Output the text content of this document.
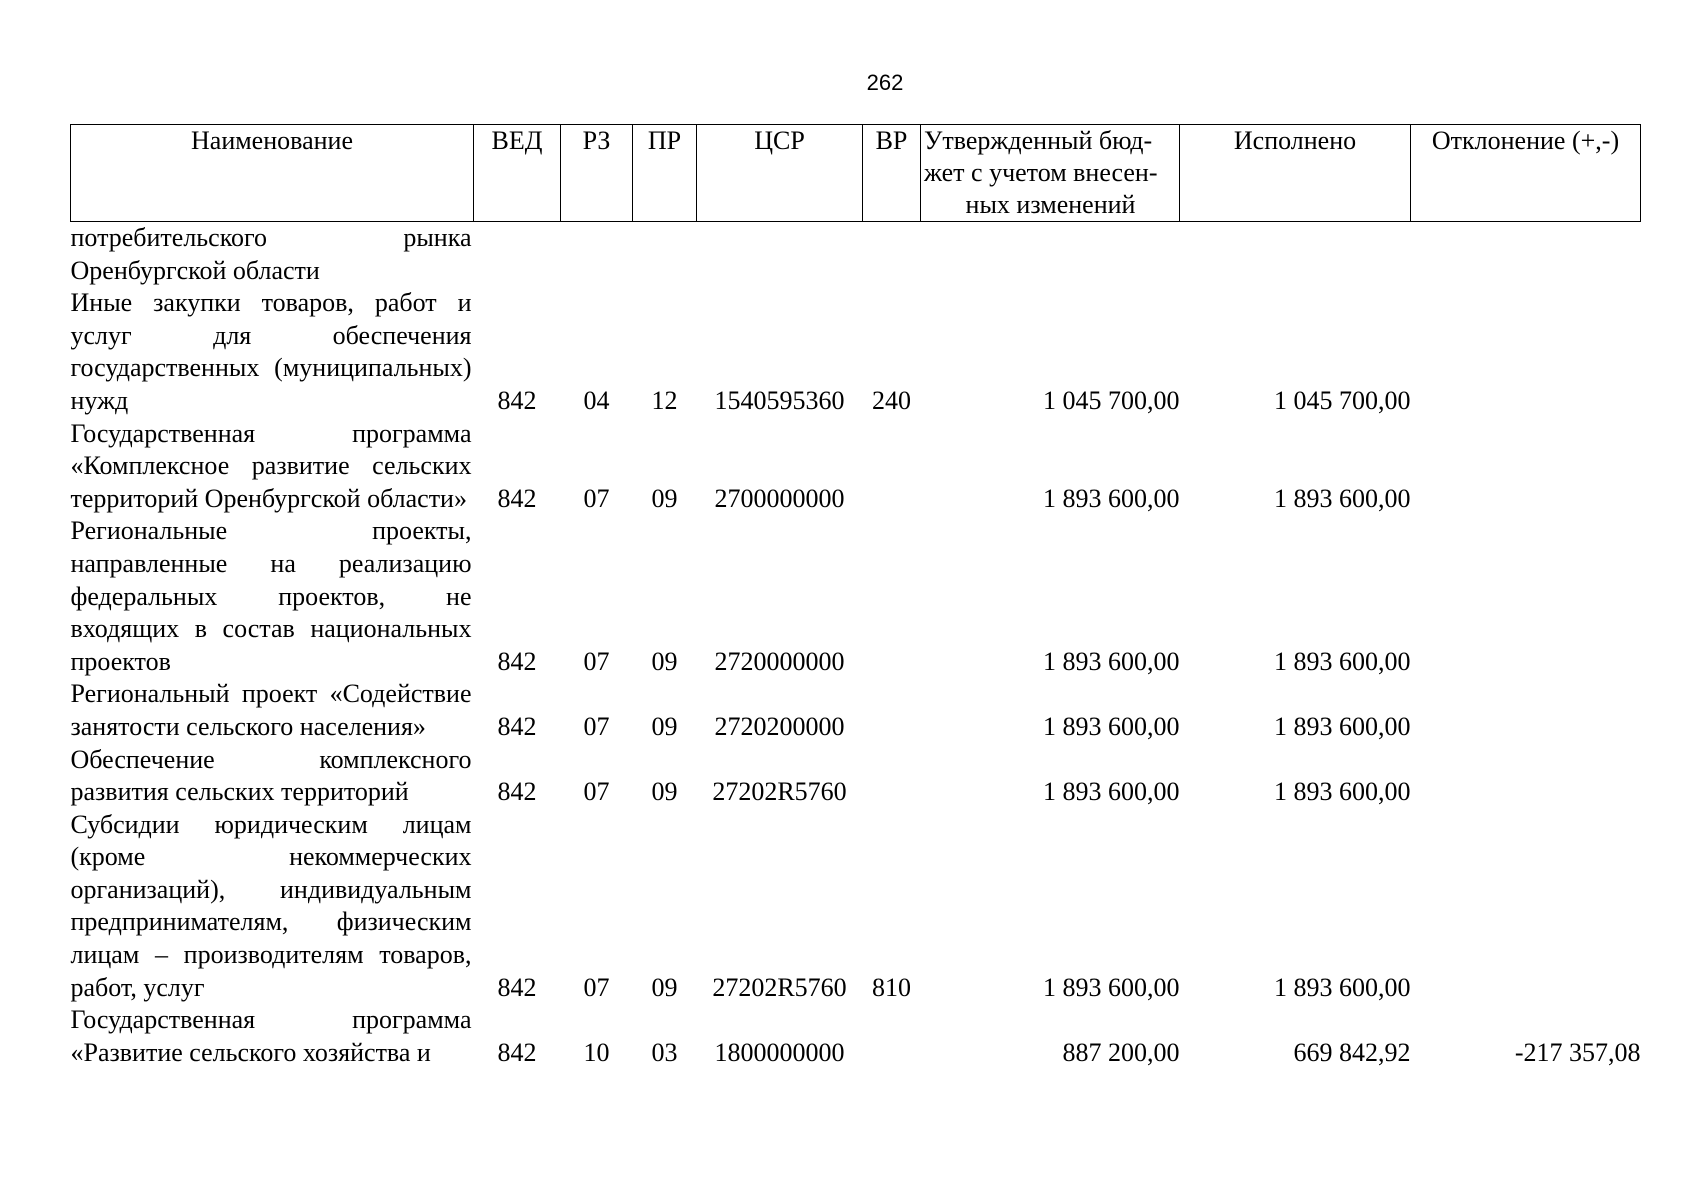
262
Наименование	ВЕД	РЗ	ПР	ЦСР	ВР	Утвержденный бюд-
жет с учетом внесен-
ных изменений	Исполнено	Отклонение (+,-)
потребительского рынка Оренбургской области								
Иные закупки товаров, работ и услуг для обеспечения государственных (муниципальных) нужд	842	04	12	1540595360	240	1 045 700,00	1 045 700,00	
Государственная программа «Комплексное развитие сельских территорий Оренбургской области»	842	07	09	2700000000		1 893 600,00	1 893 600,00	
Региональные проекты, направленные на реализацию федеральных проектов, не входящих в состав национальных проектов	842	07	09	2720000000		1 893 600,00	1 893 600,00	
Региональный проект «Содействие занятости сельского населения»	842	07	09	2720200000		1 893 600,00	1 893 600,00	
Обеспечение комплексного развития сельских территорий	842	07	09	27202R5760		1 893 600,00	1 893 600,00	
Субсидии юридическим лицам (кроме некоммерческих организаций), индивидуальным предпринимателям, физическим лицам – производителям товаров, работ, услуг	842	07	09	27202R5760	810	1 893 600,00	1 893 600,00	
Государственная программа «Развитие сельского хозяйства и	842	10	03	1800000000		887 200,00	669 842,92	-217 357,08
